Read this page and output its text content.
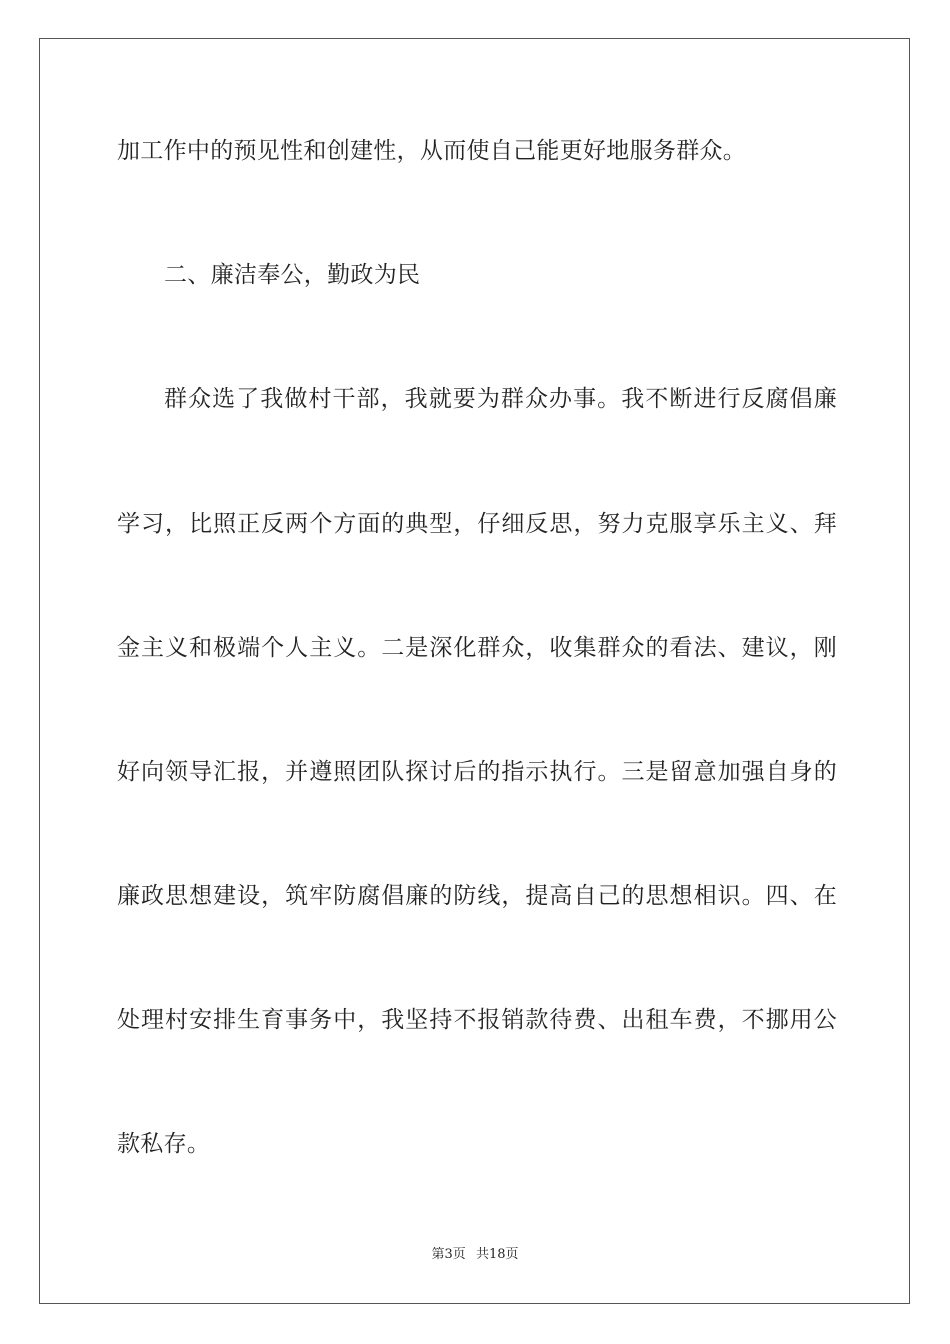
加工作中的预见性和创建性，从而使自己能更好地服务群众。
二、廉洁奉公，勤政为民
群众选了我做村干部，我就要为群众办事。我不断进行反腐倡廉
学习，比照正反两个方面的典型，仔细反思，努力克服享乐主义、拜
金主义和极端个人主义。二是深化群众，收集群众的看法、建议，刚
好向领导汇报，并遵照团队探讨后的指示执行。三是留意加强自身的
廉政思想建设，筑牢防腐倡廉的防线，提高自己的思想相识。四、在
处理村安排生育事务中，我坚持不报销款待费、出租车费，不挪用公
款私存。
第3页 共18页
